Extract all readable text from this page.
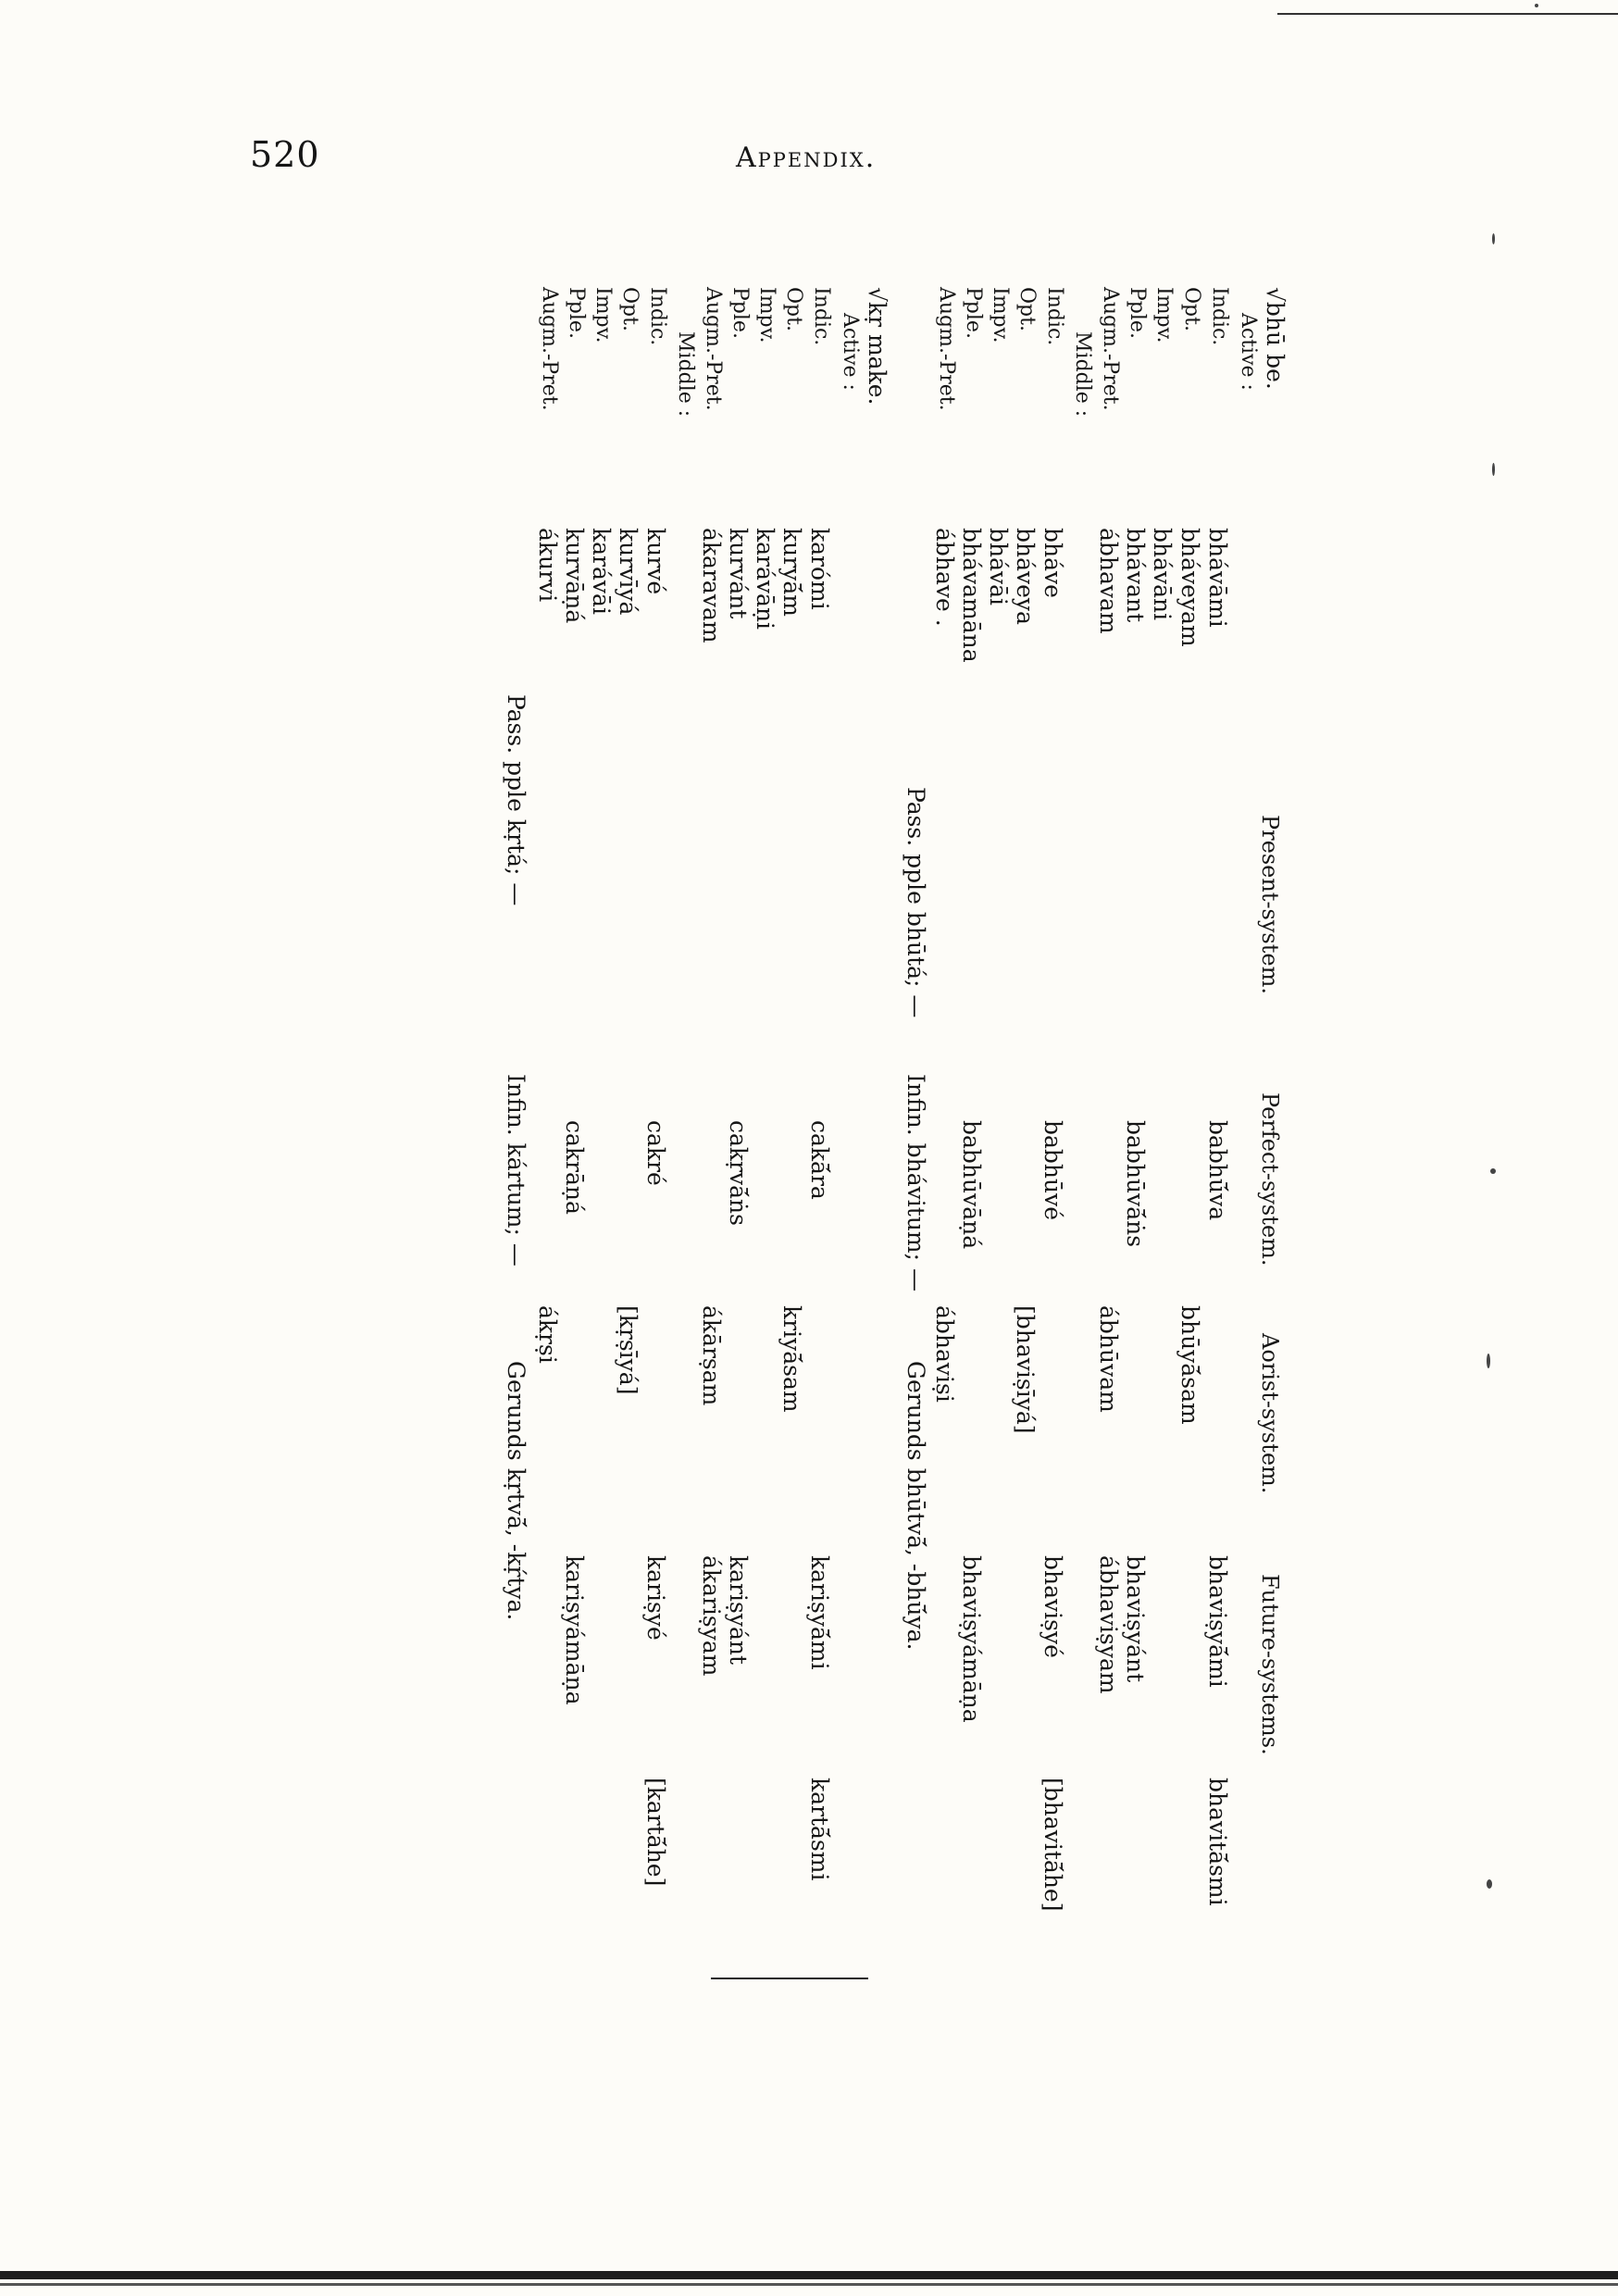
520	Appendix.
Present-system.
Perfect-system.
Aorist-system.
Future-systems.
√bhū be.
Active :
Indic.
bhávāmi
babhū́va
bhaviṣyā́mi
bhavitā́smi
Opt.
bháveyam
bhūyā́sam
Impv.
bhávāni
Pple.
bhávant
babhūvā́ṅs
bhaviṣyánt
Augm.-Pret.
ábhavam
ábhūvam
ábhaviṣyam
Middle :
Indic.
bháve
babhūvé
bhaviṣyé
[bhavitā́he]
Opt.
bháveya
[bhaviṣīyá]
Impv.
bhávāi
Pple.
bhávamāna
babhūvāṇá
bhaviṣyámāṇa
Augm.-Pret.
ábhave .
ábhaviṣi
Pass. pple bhūtá; —
Infin. bhávitum; —
Gerunds bhūtvā́, -bhū́ya.
√kṛ make.
Active :
Indic.
karómi
cakā́ra
kariṣyā́mi
kartā́smi
Opt.
kuryā́m
kriyā́sam
Impv.
karávāṇi
Pple.
kurvánt
cakṛvā́ṅs
kariṣyánt
Augm.-Pret.
ákaravam
ákārṣam
ákariṣyam
Middle :
Indic.
kurvé
cakré
kariṣyé
[kartā́he]
Opt.
kurvīyá
[kṛṣīyá]
Impv.
karávāi
Pple.
kurvāṇá
cakrāṇá
kariṣyámāṇa
Augm.-Pret.
ákurvi
ákṛṣi
Pass. pple kṛtá; —
Infin. kártum; —
Gerunds kṛtvā́, -kṛ́tya.
